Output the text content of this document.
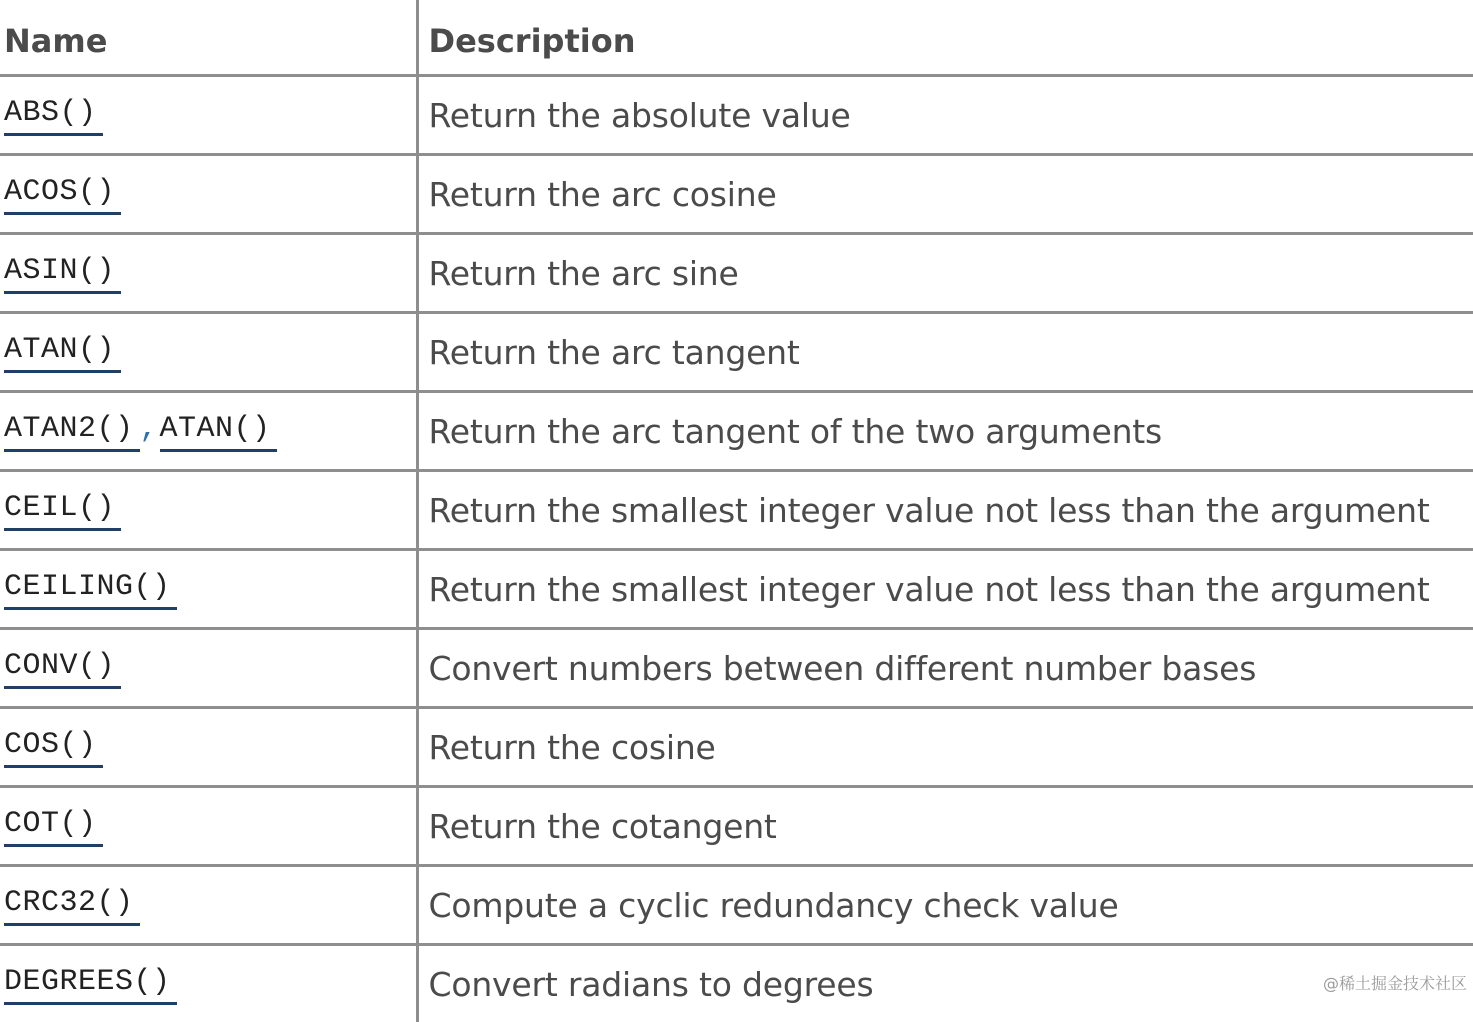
Name	Description
ABS()	Return the absolute value
ACOS()	Return the arc cosine
ASIN()	Return the arc sine
ATAN()	Return the arc tangent
ATAN2() ,ATAN()	Return the arc tangent of the two arguments
CEIL()	Return the smallest integer value not less than the argument
CEILING()	Return the smallest integer value not less than the argument
CONV()	Convert numbers between different number bases
COS()	Return the cosine
COT()	Return the cotangent
CRC32()	Compute a cyclic redundancy check value
DEGREES()	Convert radians to degrees	@稀土掘金技术社区
